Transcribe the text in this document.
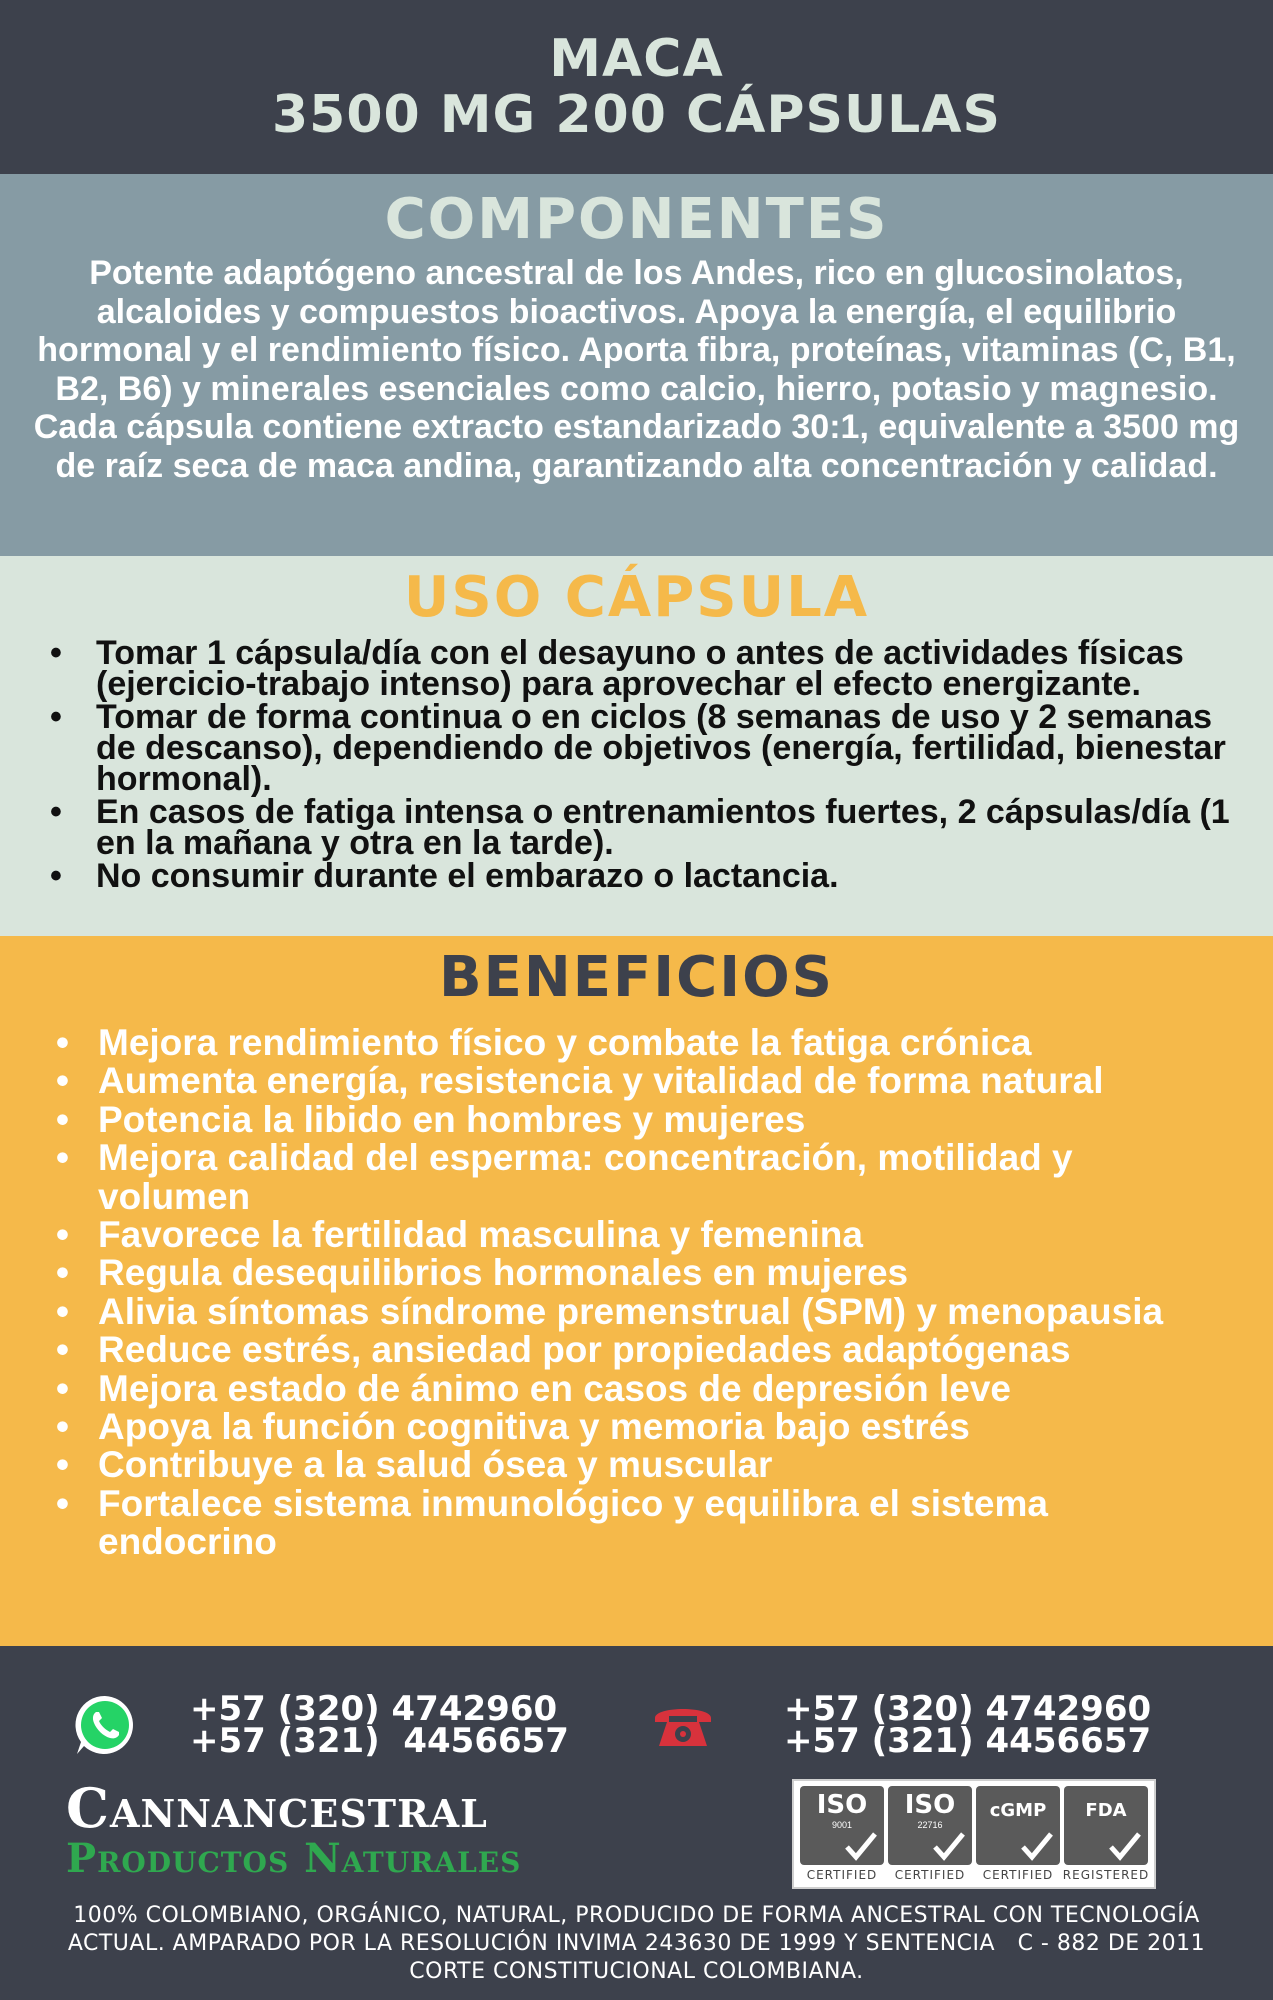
MACA
3500 MG 200 CÁPSULAS
COMPONENTES

Potente adaptógeno ancestral de los Andes, rico en glucosinolatos, alcaloides y compuestos bioactivos. Apoya la energía, el equilibrio hormonal y el rendimiento físico. Aporta fibra, proteínas, vitaminas (C, B1, B2, B6) y minerales esenciales como calcio, hierro, potasio y magnesio. Cada cápsula contiene extracto estandarizado 30:1, equivalente a 3500 mg de raíz seca de maca andina, garantizando alta concentración y calidad.

USO CÁPSULA
• Tomar 1 cápsula/día con el desayuno o antes de actividades físicas (ejercicio-trabajo intenso) para aprovechar el efecto energizante.
• Tomar de forma continua o en ciclos (8 semanas de uso y 2 semanas de descanso), dependiendo de objetivos (energía, fertilidad, bienestar hormonal).
• En casos de fatiga intensa o entrenamientos fuertes, 2 cápsulas/día (1 en la mañana y otra en la tarde).
• No consumir durante el embarazo o lactancia.
BENEFICIOS
• Mejora rendimiento físico y combate la fatiga crónica
• Aumenta energía, resistencia y vitalidad de forma natural
• Potencia la libido en hombres y mujeres
• Mejora calidad del esperma: concentración, motilidad y volumen
• Favorece la fertilidad masculina y femenina
• Regula desequilibrios hormonales en mujeres
• Alivia síntomas síndrome premenstrual (SPM) y menopausia
• Reduce estrés, ansiedad por propiedades adaptógenas
• Mejora estado de ánimo en casos de depresión leve
• Apoya la función cognitiva y memoria bajo estrés
• Contribuye a la salud ósea y muscular
• Fortalece sistema inmunológico y equilibra el sistema endocrino
+57 (320) 4742960
+57 (321)  4456657
+57 (320) 4742960
+57 (321) 4456657
Cannancestral
Productos Naturales
ISO
9001
CERTIFIED
ISO
22716
CERTIFIED
cGMP
CERTIFIED
FDA
REGISTERED
100% COLOMBIANO, ORGÁNICO, NATURAL, PRODUCIDO DE FORMA ANCESTRAL CON TECNOLOGÍA
ACTUAL. AMPARADO POR LA RESOLUCIÓN INVIMA 243630 DE 1999 Y SENTENCIA   C - 882 DE 2011
CORTE CONSTITUCIONAL COLOMBIANA.
